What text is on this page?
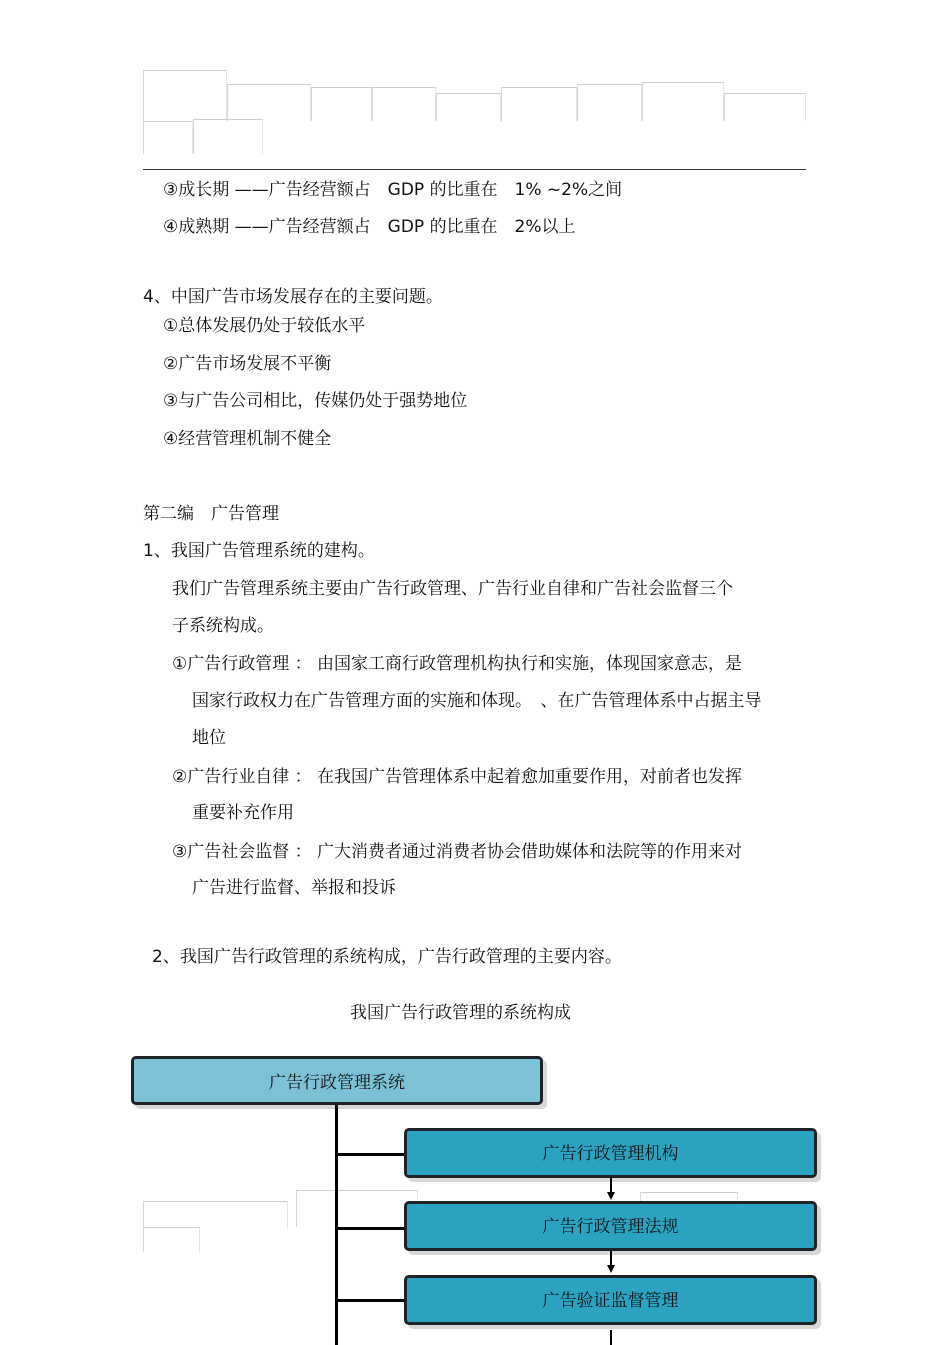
③成长期 ——广告经营额占　GDP 的比重在　1% ~2%之间
④成熟期 ——广告经营额占　GDP 的比重在　2%以上
4、中国广告市场发展存在的主要问题。
①总体发展仍处于较低水平
②广告市场发展不平衡
③与广告公司相比，传媒仍处于强势地位
④经营管理机制不健全
第二编　广告管理
1、我国广告管理系统的建构。
我们广告管理系统主要由广告行政管理、广告行业自律和广告社会监督三个
子系统构成。
①广告行政管理 ： 由国家工商行政管理机构执行和实施，体现国家意志，是
国家行政权力在广告管理方面的实施和体现。　、在广告管理体系中占据主导
地位
②广告行业自律 ： 在我国广告管理体系中起着愈加重要作用，对前者也发挥
重要补充作用
③广告社会监督 ： 广大消费者通过消费者协会借助媒体和法院等的作用来对
广告进行监督、举报和投诉
2、我国广告行政管理的系统构成，广告行政管理的主要内容。
我国广告行政管理的系统构成
广告行政管理系统
广告行政管理机构
广告行政管理法规
广告验证监督管理
